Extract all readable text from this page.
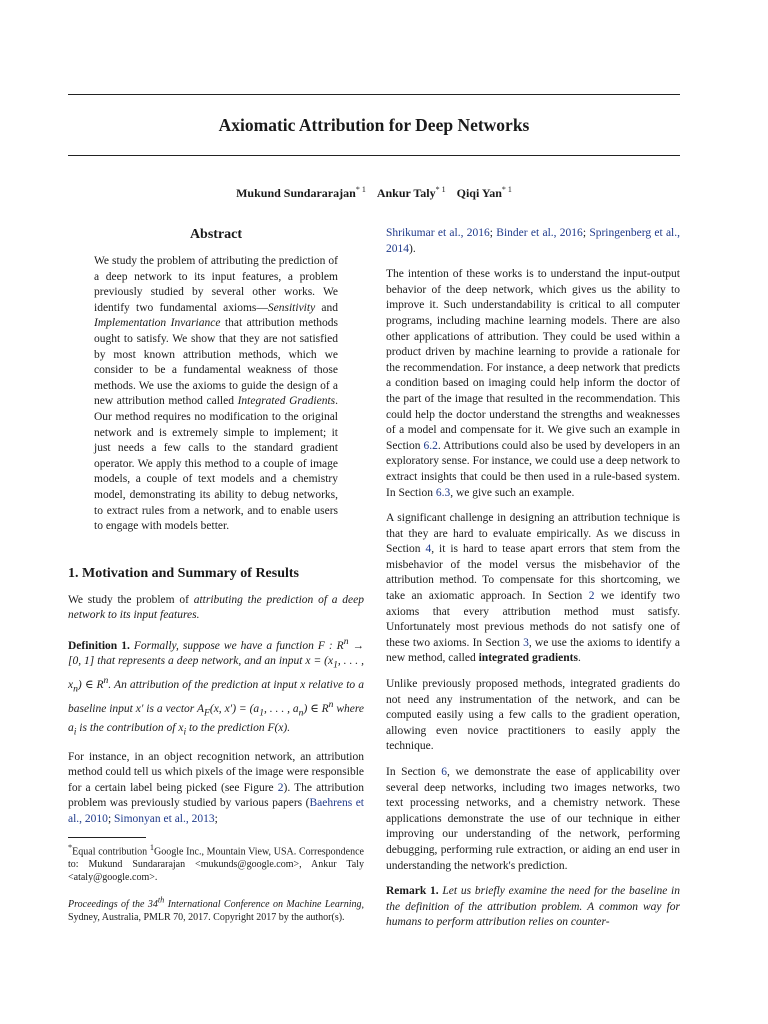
Axiomatic Attribution for Deep Networks
Mukund Sundararajan$^{* 1}$ Ankur Taly$^{* 1}$ Qiqi Yan$^{* 1}$
Abstract
We study the problem of attributing the prediction of a deep network to its input features, a problem previously studied by several other works. We identify two fundamental axioms—Sensitivity and Implementation Invariance that attribution methods ought to satisfy. We show that they are not satisfied by most known attribution methods, which we consider to be a fundamental weakness of those methods. We use the axioms to guide the design of a new attribution method called Integrated Gradients. Our method requires no modification to the original network and is extremely simple to implement; it just needs a few calls to the standard gradient operator. We apply this method to a couple of image models, a couple of text models and a chemistry model, demonstrating its ability to debug networks, to extract rules from a network, and to enable users to engage with models better.
1. Motivation and Summary of Results

We study the problem of attributing the prediction of a deep network to its input features.

Definition 1. Formally, suppose we have a function F : $R^n \to [0$, 1] that represents a deep network, and an input $x = (x_1$, . . . , $x_n$) ∈ $R^n$. An attribution of the prediction at input x relative to a baseline input x′ is a vector $A_F(x$, $x') = (a_1$, . . . , $a_n$) ∈ $R^n$ where $a_i$ is the contribution of $x_i$ to the prediction F(x).

For instance, in an object recognition network, an attribution method could tell us which pixels of the image were responsible for a certain label being picked (see Figure 2). The attribution problem was previously studied by various papers (Baehrens et al., 2010; Simonyan et al., 2013;

*Equal contribution $^1$Google Inc., Mountain View, USA. Correspondence to: Mukund Sundararajan <mukunds@google.com>, Ankur Taly <ataly@google.com>.

Proceedings of the 34th International Conference on Machine Learning, Sydney, Australia, PMLR 70, 2017. Copyright 2017 by the author(s).

Shrikumar et al., 2016; Binder et al., 2016; Springenberg et al., 2014).

The intention of these works is to understand the input-output behavior of the deep network, which gives us the ability to improve it. Such understandability is critical to all computer programs, including machine learning models. There are also other applications of attribution. They could be used within a product driven by machine learning to provide a rationale for the recommendation. For instance, a deep network that predicts a condition based on imaging could help inform the doctor of the part of the image that resulted in the recommendation. This could help the doctor understand the strengths and weaknesses of a model and compensate for it. We give such an example in Section 6.2. Attributions could also be used by developers in an exploratory sense. For instance, we could use a deep network to extract insights that could be then used in a rule-based system. In Section 6.3, we give such an example.

A significant challenge in designing an attribution technique is that they are hard to evaluate empirically. As we discuss in Section 4, it is hard to tease apart errors that stem from the misbehavior of the model versus the misbehavior of the attribution method. To compensate for this shortcoming, we take an axiomatic approach. In Section 2 we identify two axioms that every attribution method must satisfy. Unfortunately most previous methods do not satisfy one of these two axioms. In Section 3, we use the axioms to identify a new method, called integrated gradients.

Unlike previously proposed methods, integrated gradients do not need any instrumentation of the network, and can be computed easily using a few calls to the gradient operation, allowing even novice practitioners to easily apply the technique.

In Section 6, we demonstrate the ease of applicability over several deep networks, including two images networks, two text processing networks, and a chemistry network. These applications demonstrate the use of our technique in either improving our understanding of the network, performing debugging, performing rule extraction, or aiding an end user in understanding the network's prediction.

Remark 1. Let us briefly examine the need for the baseline in the definition of the attribution problem. A common way for humans to perform attribution relies on counter-
